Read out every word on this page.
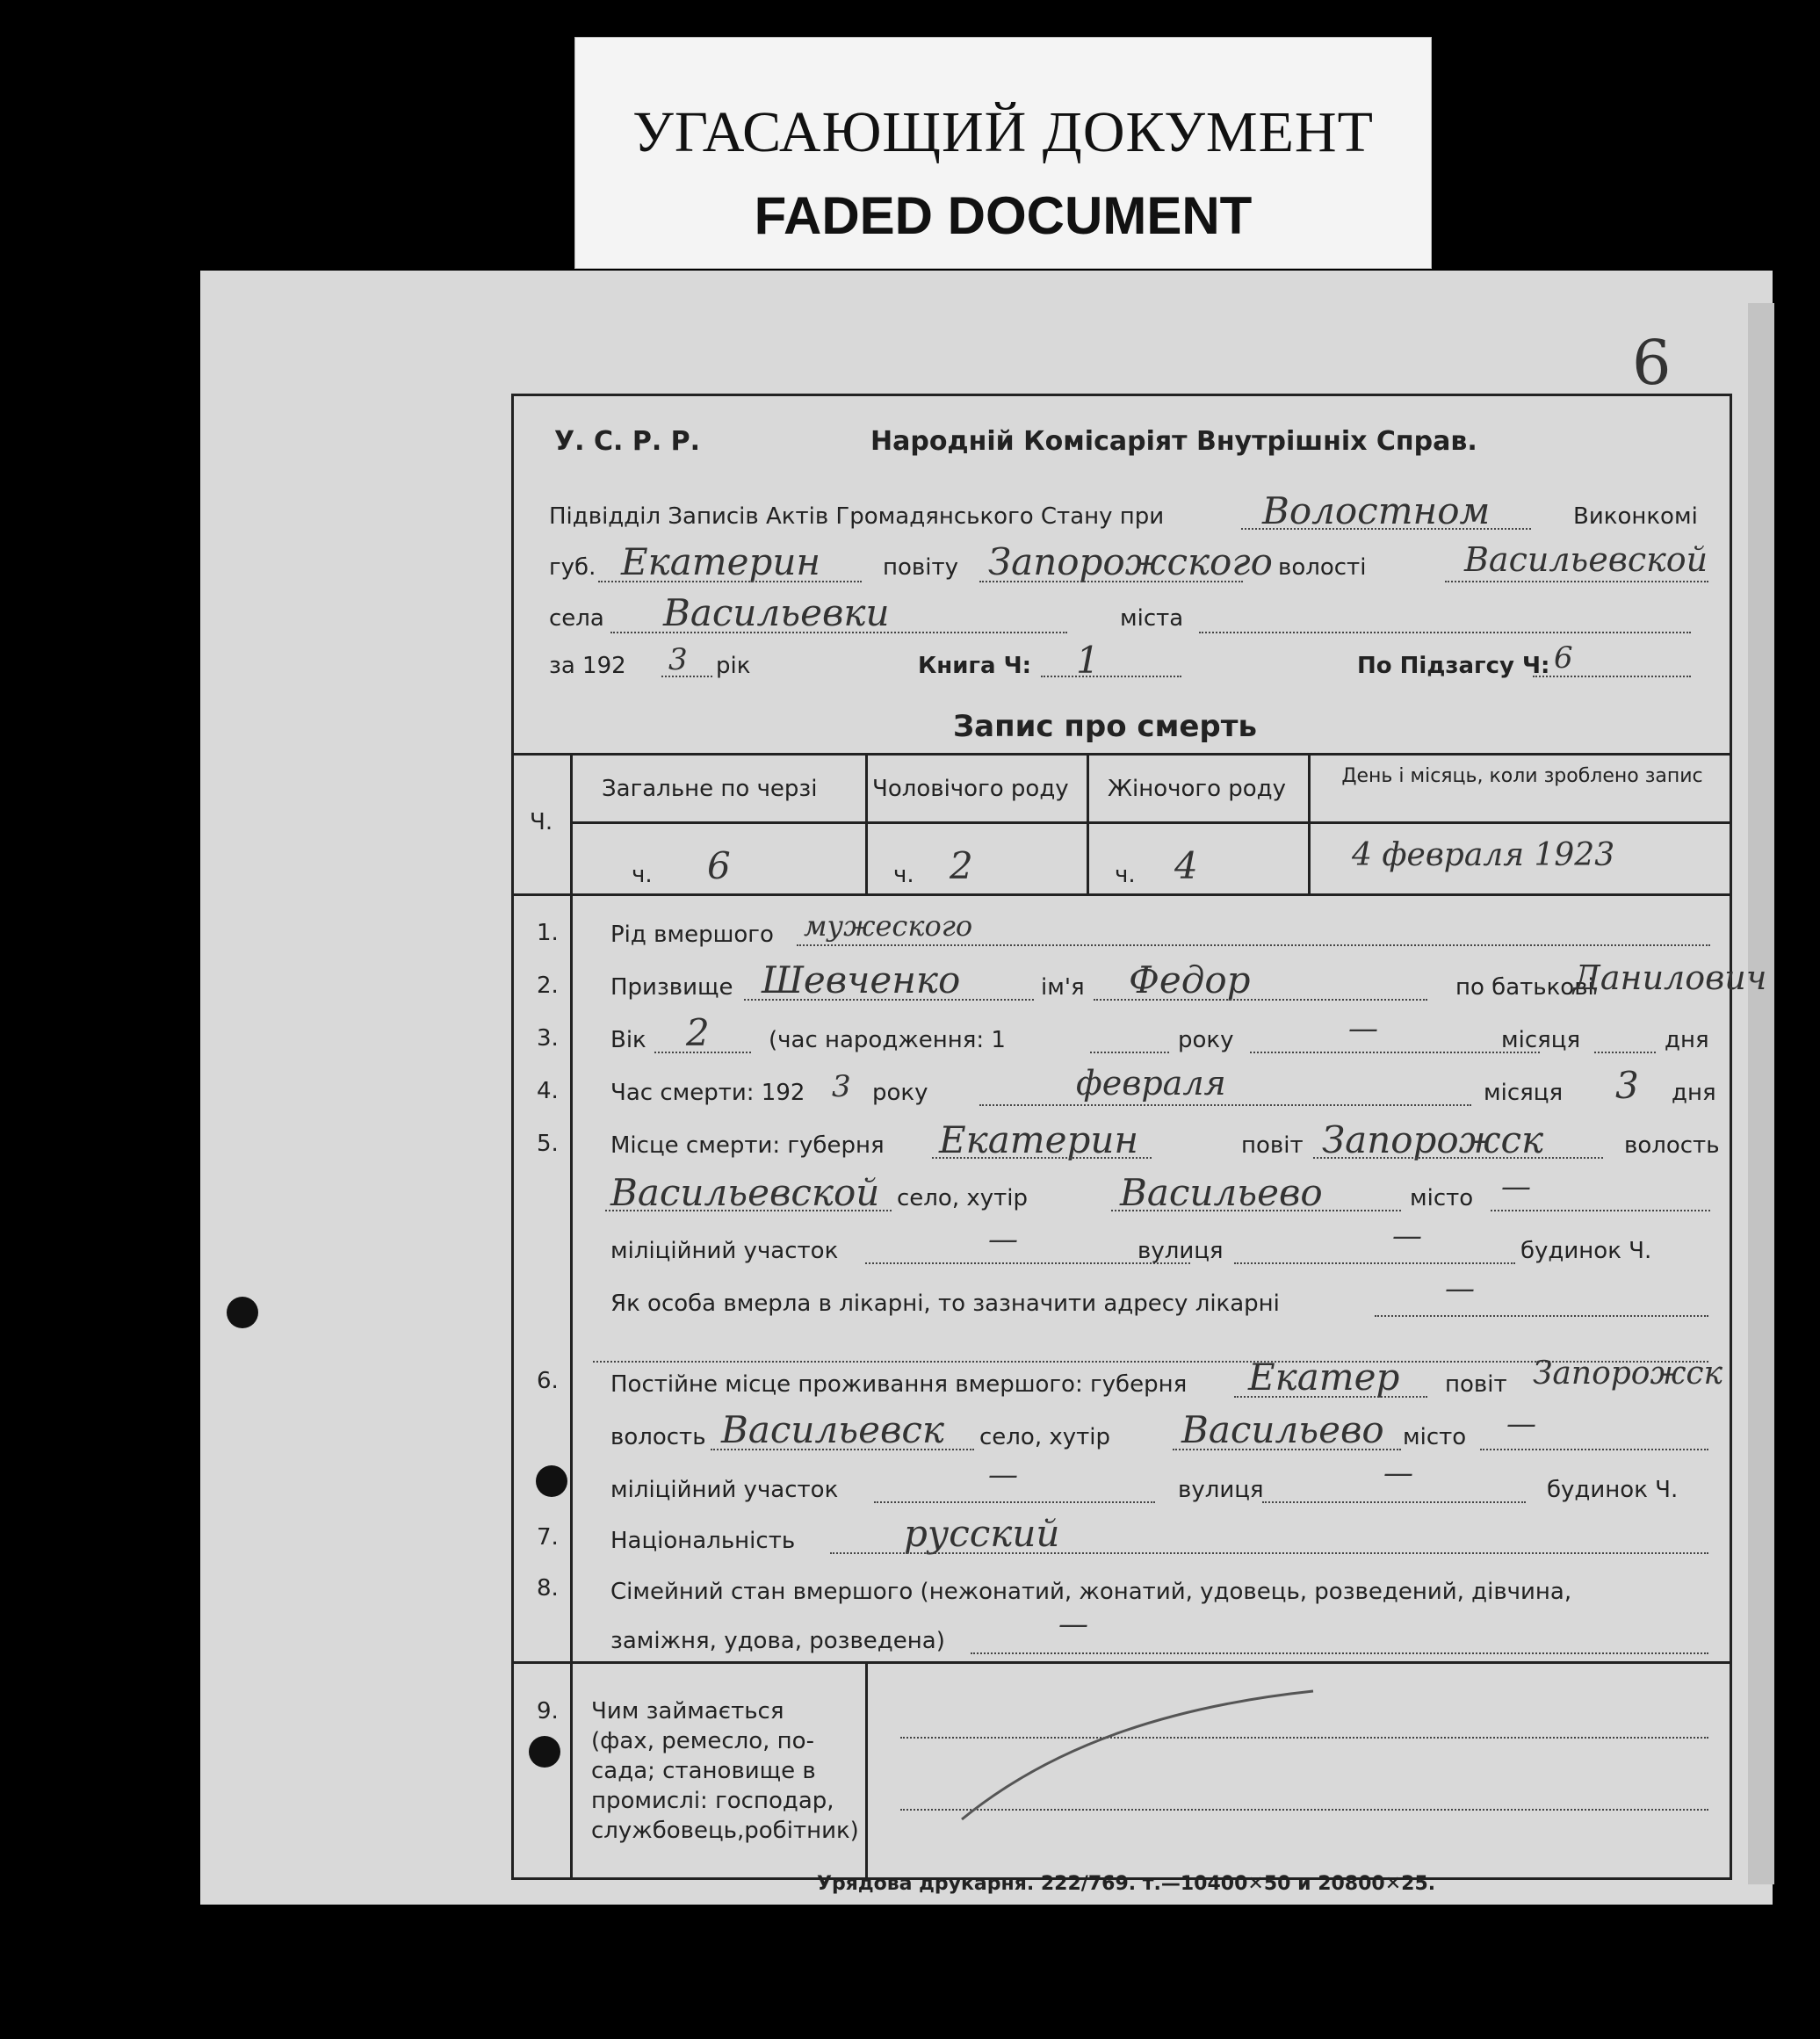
УГАСАЮЩИЙ ДОКУМЕНТ
FADED DOCUMENT
6
У. С. Р. Р.	Народній Комісаріят Внутрішніх Справ.
Підвідділ Записів Актів Громадянського Стану при	Волостном	Виконкомі
губ. Екатерин	повіту Запорожского волості	Васильевской
села Васильевки	міста
за 192 3 рік	Книга Ч: 1	По Підзагсу Ч: 6
Запис про смерть
Ч.
Загальне по черзі Чоловічого роду Жіночого роду	День і місяць, коли зроблено запис
ч. 6	ч. 2	ч. 4	4 февраля 1923
1. Рід вмершого мужеского
2. Призвище Шевченко	ім'я Федор	по батькові
Данилович
3. Вік 2	(час народження: 1	року	—	місяця	дня
4. Час смерти: 192 3 року	февраля	місяця 3 дня
5. Місце смерти: губерня Екатерин	повіт Запорожск	волость
Васильевской село, хутір	Васильево	місто —
міліційний участок	—	вулиця	—	будинок Ч.
Як особа вмерла в лікарні, то зазначити адресу лікарні	—
6. Постійне місце проживання вмершого: губерня Екатер повіт Запорожск
волость Васильевск село, хутір Васильево місто —
міліційний участок	—	вулиця	—	будинок Ч.
7. Національність	русский
8. Сімейний стан вмершого (нежонатий, жонатий, удовець, розведений, дівчина,
заміжня, удова, розведена)	—
9. Чим займається
(фах, ремесло, по-
сада; становище в
промислі: господар,
службовець,робітник)
Урядова друкарня. 222/769. т.—10400✕50 и 20800✕25.
